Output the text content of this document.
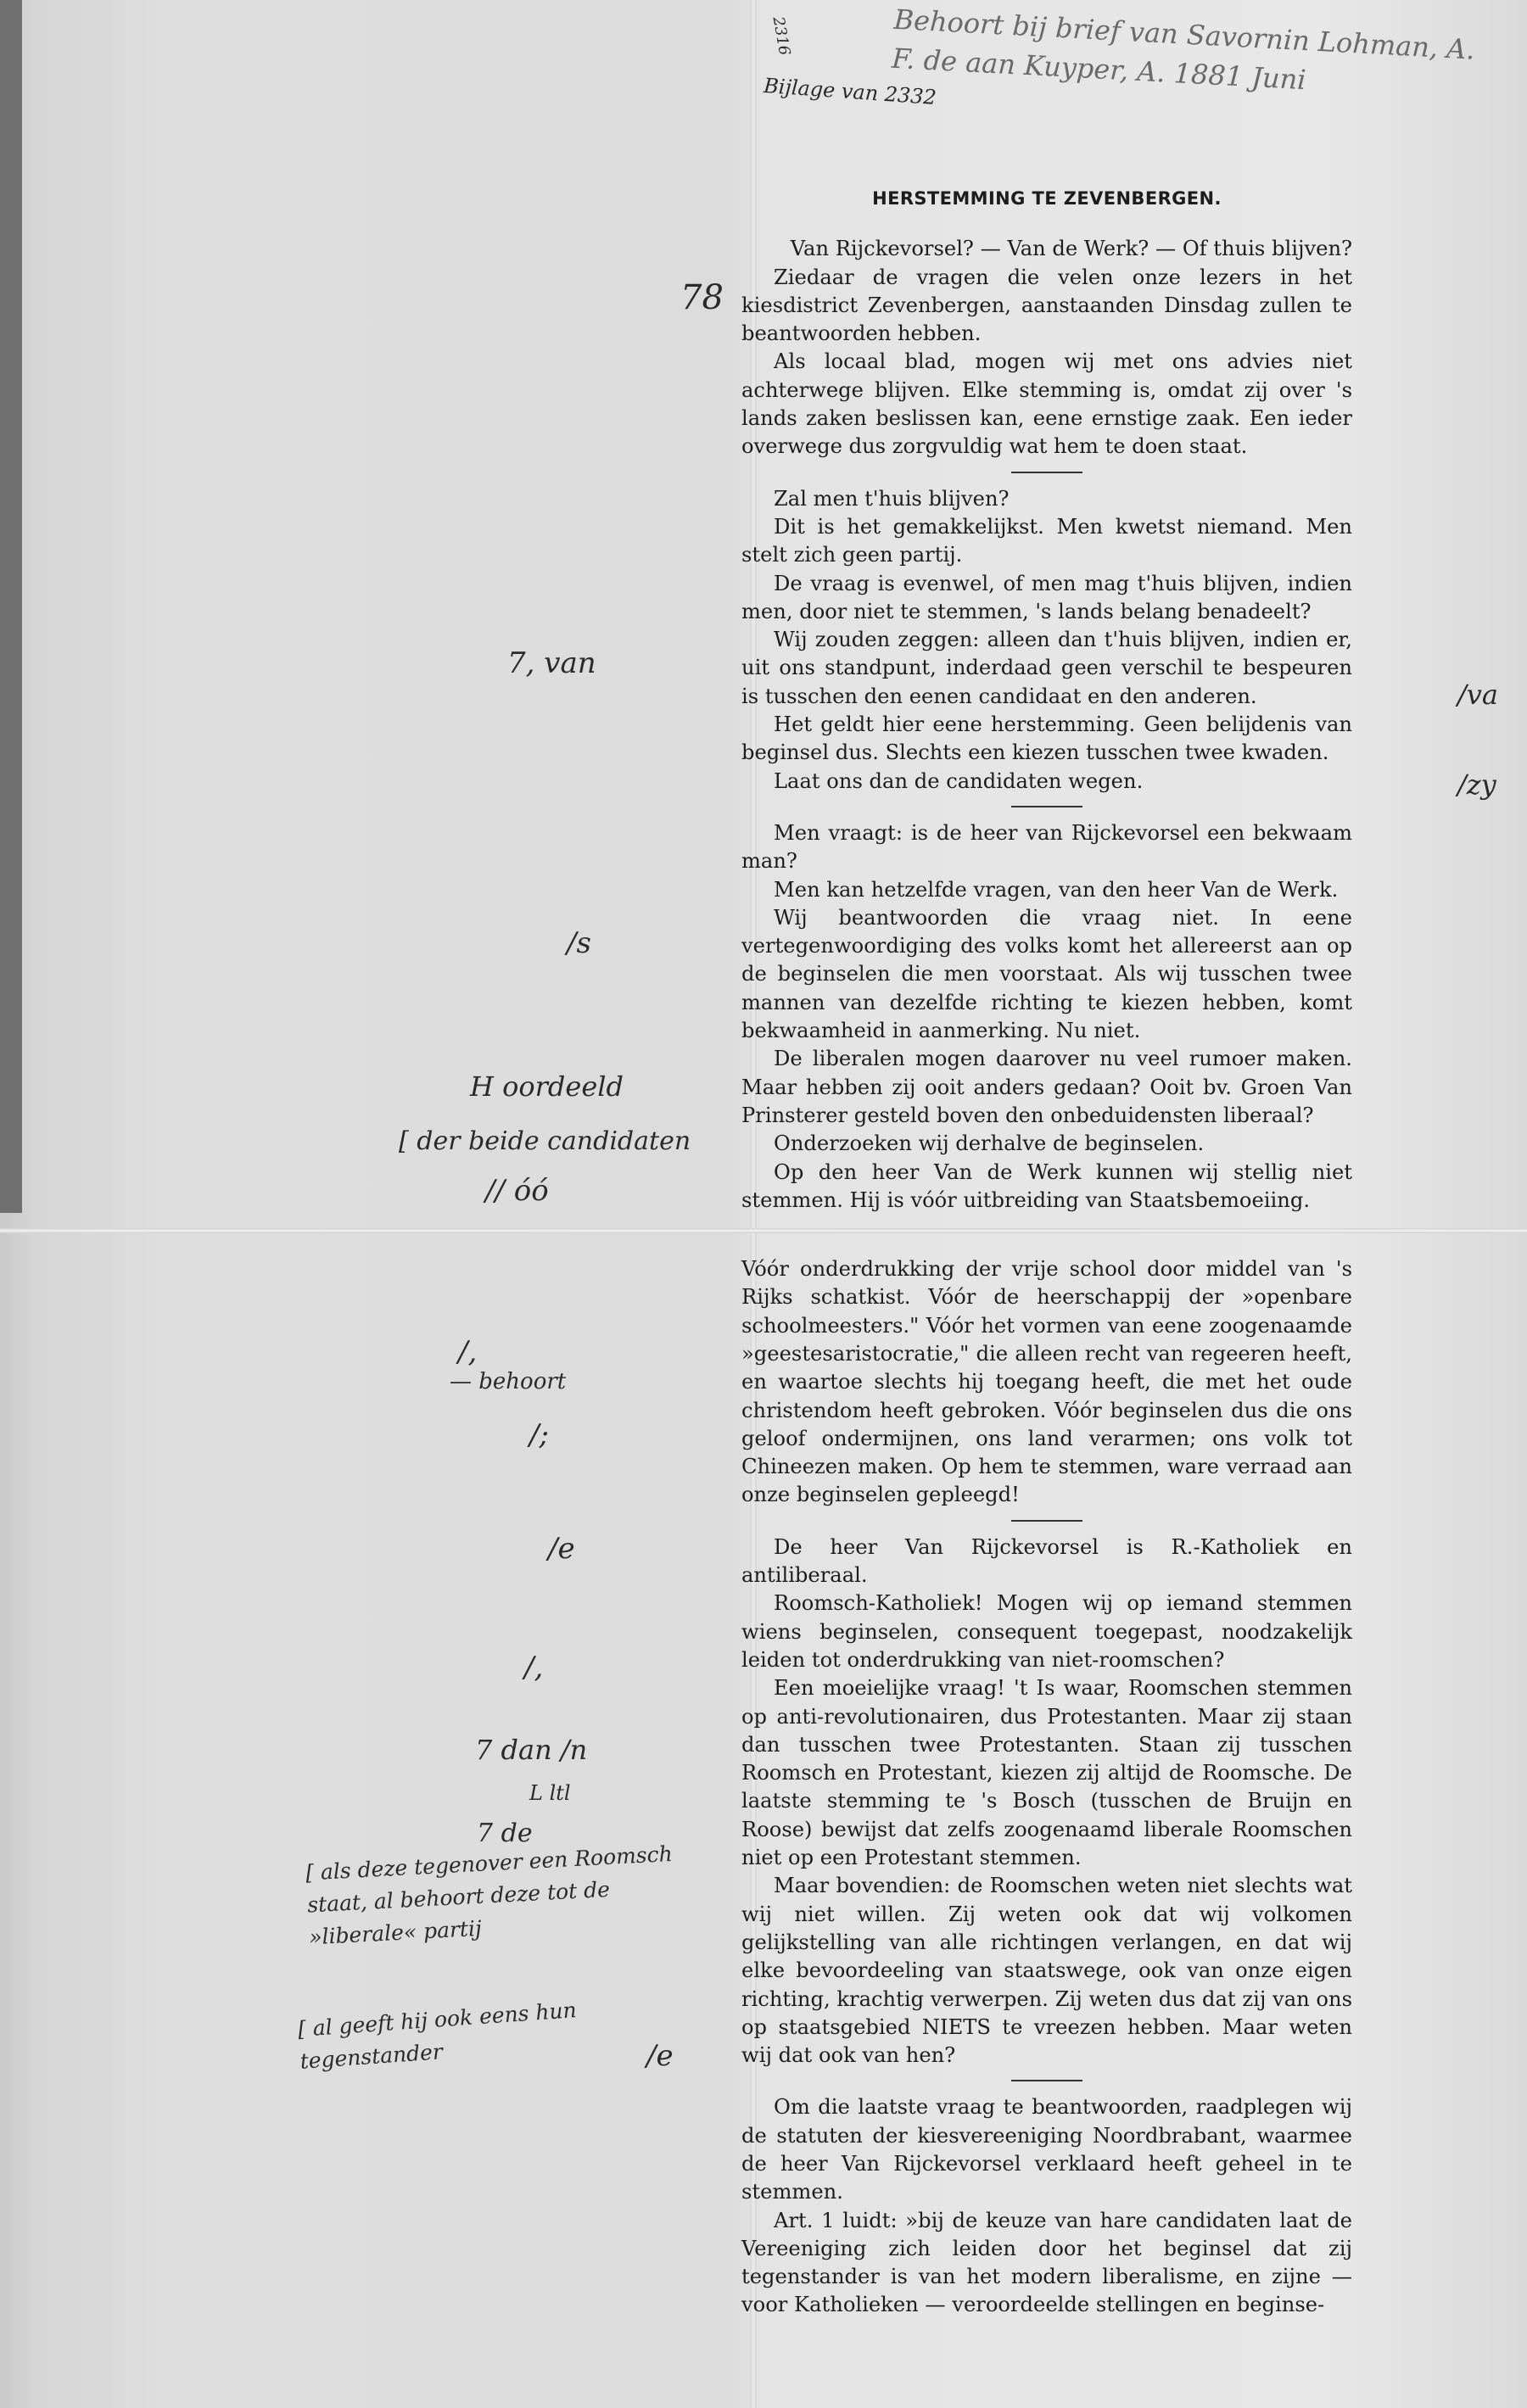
2316
Bijlage van 2332
Behoort bij brief van Savornin Lohman, A. F. de aan Kuyper, A. 1881 Juni
78
7, van
/s
H oordeeld
[ der beide candidaten
// óó
/,
— behoort
/;
/e
/,
7 dan /n
L ltl
7 de
[ als deze tegenover een Roomsch staat, al behoort deze tot de »liberale« partij
[ al geeft hij ook eens hun tegenstander	/e
/va
/zy
HERSTEMMING TE ZEVENBERGEN.

Van Rijckevorsel? — Van de Werk? — Of thuis blijven?

Ziedaar de vragen die velen onze lezers in het kiesdistrict Zevenbergen, aanstaanden Dinsdag zullen te beantwoorden hebben.

Als locaal blad, mogen wij met ons advies niet achterwege blijven. Elke stemming is, omdat zij over 's lands zaken beslissen kan, eene ernstige zaak. Een ieder overwege dus zorgvuldig wat hem te doen staat.

Zal men t'huis blijven?

Dit is het gemakkelijkst. Men kwetst niemand. Men stelt zich geen partij.

De vraag is evenwel, of men mag t'huis blijven, indien men, door niet te stemmen, 's lands belang benadeelt?

Wij zouden zeggen: alleen dan t'huis blijven, indien er, uit ons standpunt, inderdaad geen verschil te bespeuren is tusschen den eenen candidaat en den anderen.

Het geldt hier eene herstemming. Geen belijdenis van beginsel dus. Slechts een kiezen tusschen twee kwaden.

Laat ons dan de candidaten wegen.

Men vraagt: is de heer van Rijckevorsel een bekwaam man?

Men kan hetzelfde vragen, van den heer Van de Werk.

Wij beantwoorden die vraag niet. In eene vertegenwoordiging des volks komt het allereerst aan op de beginselen die men voorstaat. Als wij tusschen twee mannen van dezelfde richting te kiezen hebben, komt bekwaamheid in aanmerking. Nu niet.

De liberalen mogen daarover nu veel rumoer maken. Maar hebben zij ooit anders gedaan? Ooit bv. Groen Van Prinsterer gesteld boven den onbeduidensten liberaal?

Onderzoeken wij derhalve de beginselen.

Op den heer Van de Werk kunnen wij stellig niet stemmen. Hij is vóór uitbreiding van Staatsbemoeiing.

Vóór onderdrukking der vrije school door middel van 's Rijks schatkist. Vóór de heerschappij der »openbare schoolmeesters." Vóór het vormen van eene zoogenaamde »geestesaristocratie," die alleen recht van regeeren heeft, en waartoe slechts hij toegang heeft, die met het oude christendom heeft gebroken. Vóór beginselen dus die ons geloof ondermijnen, ons land verarmen; ons volk tot Chineezen maken. Op hem te stemmen, ware verraad aan onze beginselen gepleegd!

De heer Van Rijckevorsel is R.-Katholiek en antiliberaal.

Roomsch-Katholiek! Mogen wij op iemand stemmen wiens beginselen, consequent toegepast, noodzakelijk leiden tot onderdrukking van niet-roomschen?

Een moeielijke vraag! 't Is waar, Roomschen stemmen op anti-revolutionairen, dus Protestanten. Maar zij staan dan tusschen twee Protestanten. Staan zij tusschen Roomsch en Protestant, kiezen zij altijd de Roomsche. De laatste stemming te 's Bosch (tusschen de Bruijn en Roose) bewijst dat zelfs zoogenaamd liberale Roomschen niet op een Protestant stemmen.

Maar bovendien: de Roomschen weten niet slechts wat wij niet willen. Zij weten ook dat wij volkomen gelijkstelling van alle richtingen verlangen, en dat wij elke bevoordeeling van staatswege, ook van onze eigen richting, krachtig verwerpen. Zij weten dus dat zij van ons op staatsgebied NIETS te vreezen hebben. Maar weten wij dat ook van hen?

Om die laatste vraag te beantwoorden, raadplegen wij de statuten der kiesvereeniging Noordbrabant, waarmee de heer Van Rijckevorsel verklaard heeft geheel in te stemmen.

Art. 1 luidt: »bij de keuze van hare candidaten laat de Vereeniging zich leiden door het beginsel dat zij tegenstander is van het modern liberalisme, en zijne — voor Katholieken — veroordeelde stellingen en beginse-
